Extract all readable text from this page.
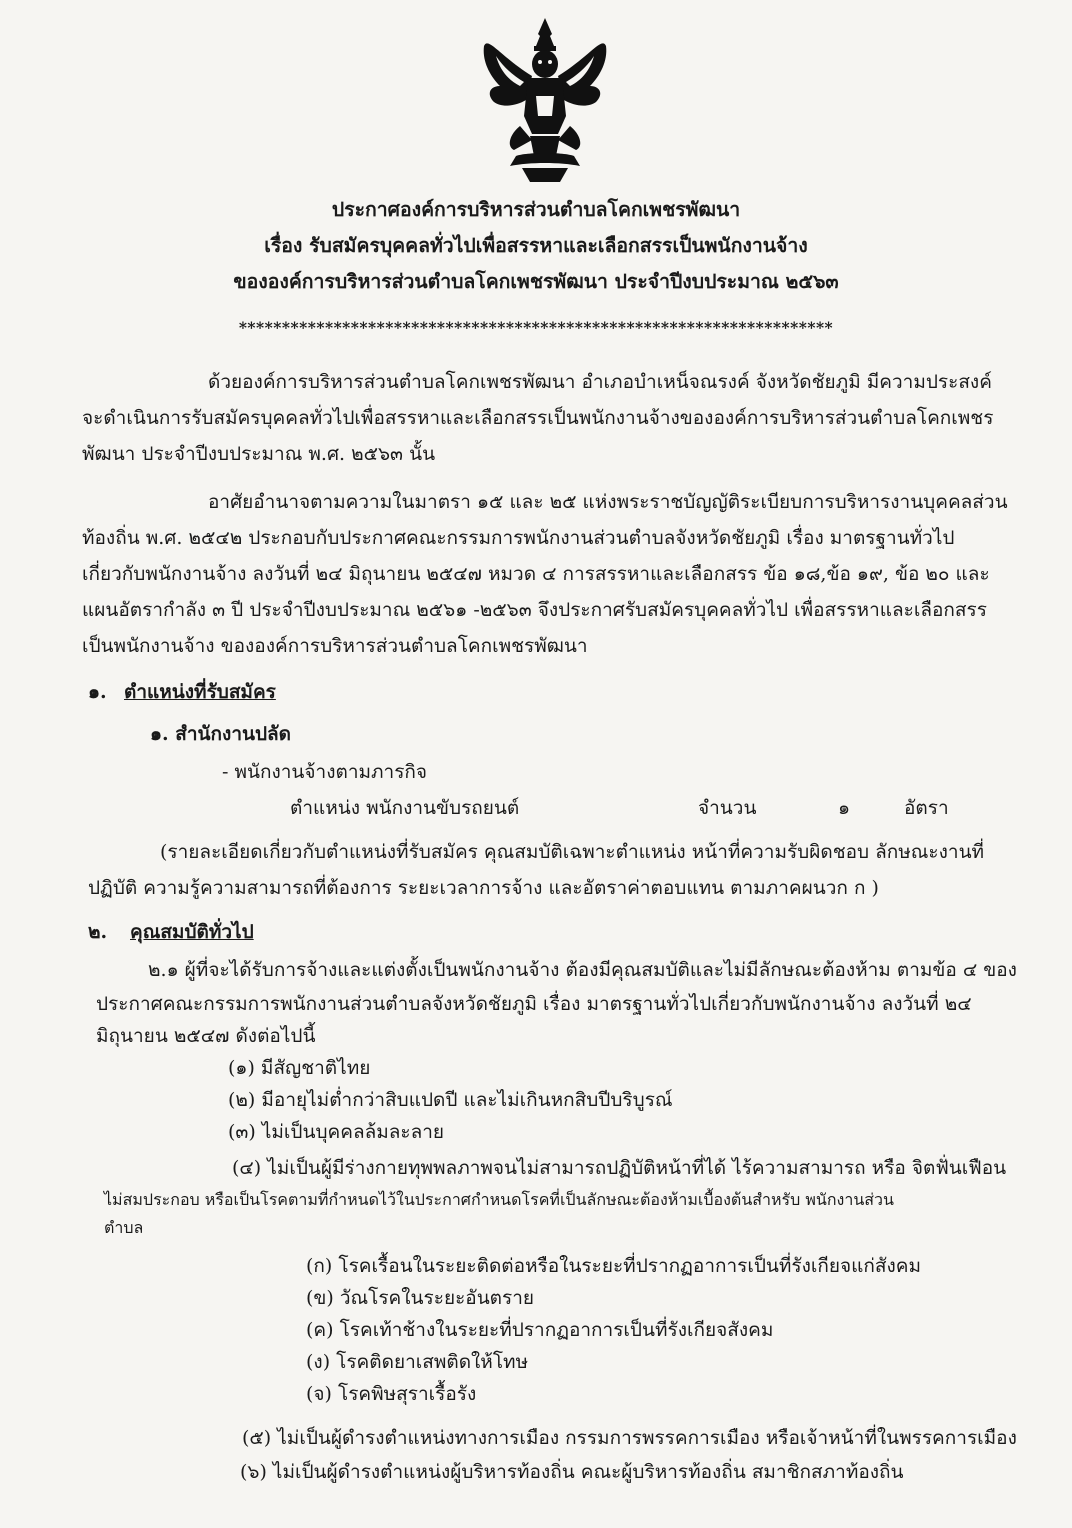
ประกาศองค์การบริหารส่วนตำบลโคกเพชรพัฒนา
เรื่อง รับสมัครบุคคลทั่วไปเพื่อสรรหาและเลือกสรรเป็นพนักงานจ้าง
ขององค์การบริหารส่วนตำบลโคกเพชรพัฒนา ประจำปีงบประมาณ ๒๕๖๓
*********************************************************************
ด้วยองค์การบริหารส่วนตำบลโคกเพชรพัฒนา อำเภอบำเหน็จณรงค์ จังหวัดชัยภูมิ มีความประสงค์
จะดำเนินการรับสมัครบุคคลทั่วไปเพื่อสรรหาและเลือกสรรเป็นพนักงานจ้างขององค์การบริหารส่วนตำบลโคกเพชร
พัฒนา ประจำปีงบประมาณ พ.ศ. ๒๕๖๓ นั้น
อาศัยอำนาจตามความในมาตรา ๑๕ และ ๒๕ แห่งพระราชบัญญัติระเบียบการบริหารงานบุคคลส่วน
ท้องถิ่น พ.ศ. ๒๕๔๒ ประกอบกับประกาศคณะกรรมการพนักงานส่วนตำบลจังหวัดชัยภูมิ เรื่อง มาตรฐานทั่วไป
เกี่ยวกับพนักงานจ้าง ลงวันที่ ๒๔ มิถุนายน ๒๕๔๗ หมวด ๔ การสรรหาและเลือกสรร ข้อ ๑๘,ข้อ ๑๙, ข้อ ๒๐ และ
แผนอัตรากำลัง ๓ ปี ประจำปีงบประมาณ ๒๕๖๑ -๒๕๖๓ จึงประกาศรับสมัครบุคคลทั่วไป เพื่อสรรหาและเลือกสรร
เป็นพนักงานจ้าง ขององค์การบริหารส่วนตำบลโคกเพชรพัฒนา
๑. ตำแหน่งที่รับสมัคร
๑. สำนักงานปลัด
- พนักงานจ้างตามภารกิจ
ตำแหน่ง พนักงานขับรถยนต์	จำนวน	๑	อัตรา
(รายละเอียดเกี่ยวกับตำแหน่งที่รับสมัคร คุณสมบัติเฉพาะตำแหน่ง หน้าที่ความรับผิดชอบ ลักษณะงานที่
ปฏิบัติ ความรู้ความสามารถที่ต้องการ ระยะเวลาการจ้าง และอัตราค่าตอบแทน ตามภาคผนวก ก )
๒. คุณสมบัติทั่วไป
๒.๑ ผู้ที่จะได้รับการจ้างและแต่งตั้งเป็นพนักงานจ้าง ต้องมีคุณสมบัติและไม่มีลักษณะต้องห้าม ตามข้อ ๔ ของ
ประกาศคณะกรรมการพนักงานส่วนตำบลจังหวัดชัยภูมิ เรื่อง มาตรฐานทั่วไปเกี่ยวกับพนักงานจ้าง ลงวันที่ ๒๔
มิถุนายน ๒๕๔๗ ดังต่อไปนี้
(๑) มีสัญชาติไทย
(๒) มีอายุไม่ต่ำกว่าสิบแปดปี และไม่เกินหกสิบปีบริบูรณ์
(๓) ไม่เป็นบุคคลล้มละลาย
(๔) ไม่เป็นผู้มีร่างกายทุพพลภาพจนไม่สามารถปฏิบัติหน้าที่ได้ ไร้ความสามารถ หรือ จิตฟั่นเฟือน
ไม่สมประกอบ หรือเป็นโรคตามที่กำหนดไว้ในประกาศกำหนดโรคที่เป็นลักษณะต้องห้ามเบื้องต้นสำหรับ พนักงานส่วน
ตำบล
(ก) โรคเรื้อนในระยะติดต่อหรือในระยะที่ปรากฏอาการเป็นที่รังเกียจแก่สังคม
(ข) วัณโรคในระยะอันตราย
(ค) โรคเท้าช้างในระยะที่ปรากฏอาการเป็นที่รังเกียจสังคม
(ง) โรคติดยาเสพติดให้โทษ
(จ) โรคพิษสุราเรื้อรัง
(๕) ไม่เป็นผู้ดำรงตำแหน่งทางการเมือง กรรมการพรรคการเมือง หรือเจ้าหน้าที่ในพรรคการเมือง
(๖) ไม่เป็นผู้ดำรงตำแหน่งผู้บริหารท้องถิ่น คณะผู้บริหารท้องถิ่น สมาชิกสภาท้องถิ่น
